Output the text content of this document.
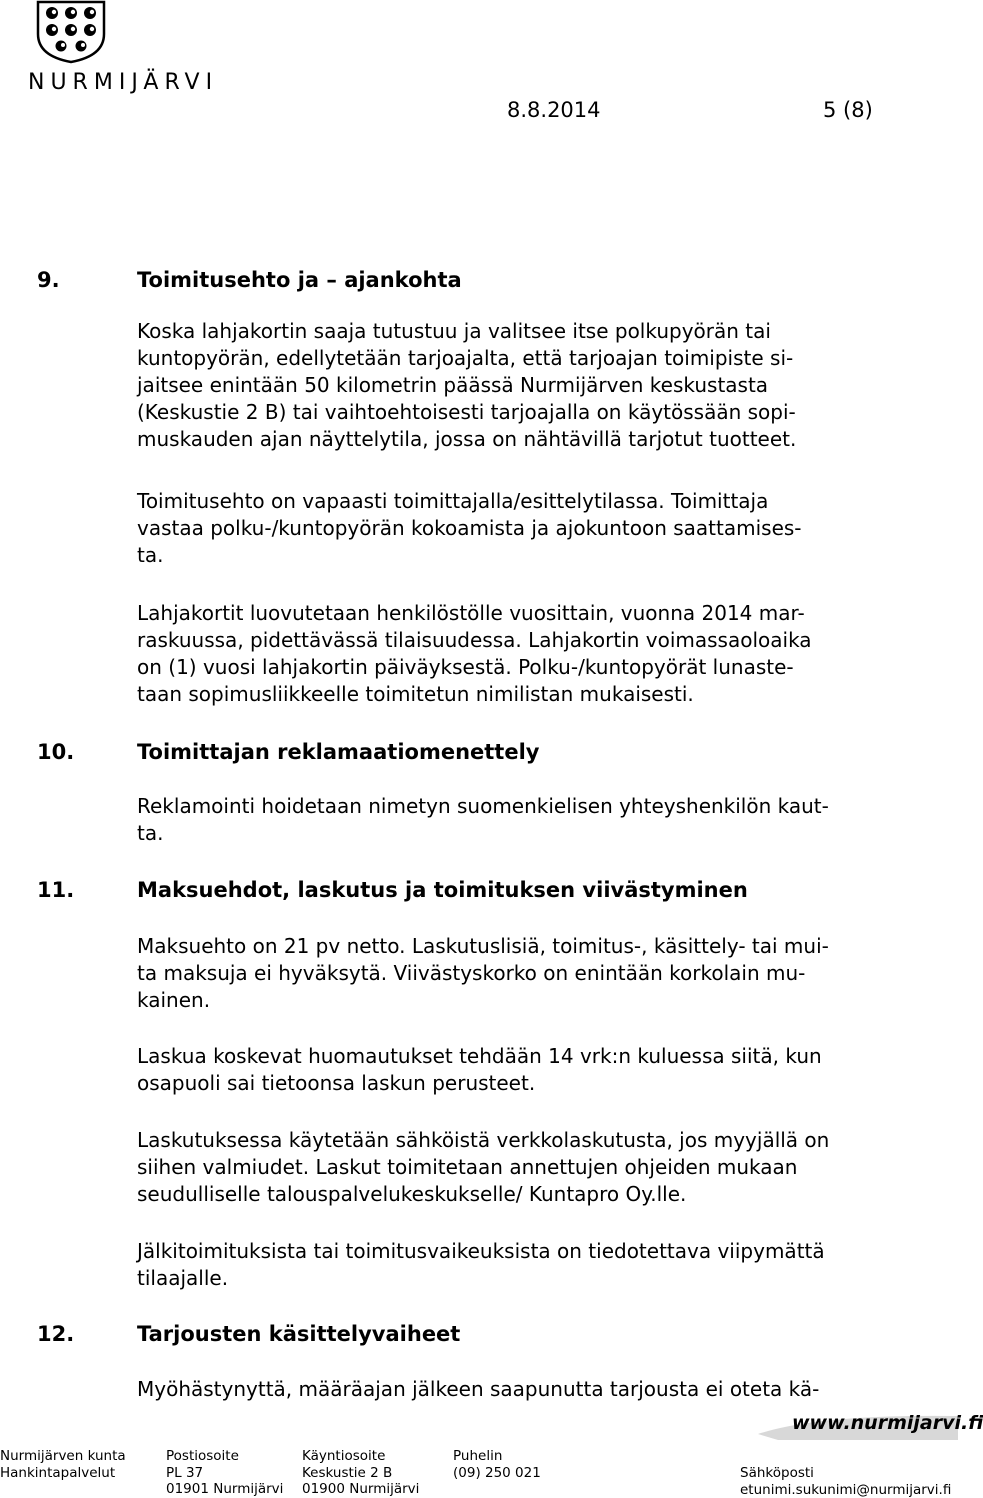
NURMIJÄRVI
8.8.2014	5 (8)
9.	Toimitusehto ja – ajankohta

Koska lahjakortin saaja tutustuu ja valitsee itse polkupyörän tai
kuntopyörän, edellytetään tarjoajalta, että tarjoajan toimipiste si-
jaitsee enintään 50 kilometrin päässä Nurmijärven keskustasta
(Keskustie 2 B) tai vaihtoehtoisesti tarjoajalla on käytössään sopi-
muskauden ajan näyttelytila, jossa on nähtävillä tarjotut tuotteet.

Toimitusehto on vapaasti toimittajalla/esittelytilassa. Toimittaja
vastaa polku-/kuntopyörän kokoamista ja ajokuntoon saattamises-
ta.

Lahjakortit luovutetaan henkilöstölle vuosittain, vuonna 2014 mar-
raskuussa, pidettävässä tilaisuudessa. Lahjakortin voimassaoloaika
on (1) vuosi lahjakortin päiväyksestä. Polku-/kuntopyörät lunaste-
taan sopimusliikkeelle toimitetun nimilistan mukaisesti.

10.	Toimittajan reklamaatiomenettely

Reklamointi hoidetaan nimetyn suomenkielisen yhteyshenkilön kaut-
ta.

11.	Maksuehdot, laskutus ja toimituksen viivästyminen

Maksuehto on 21 pv netto. Laskutuslisiä, toimitus-, käsittely- tai mui-
ta maksuja ei hyväksytä. Viivästyskorko on enintään korkolain mu-
kainen.

Laskua koskevat huomautukset tehdään 14 vrk:n kuluessa siitä, kun
osapuoli sai tietoonsa laskun perusteet.

Laskutuksessa käytetään sähköistä verkkolaskutusta, jos myyjällä on
siihen valmiudet. Laskut toimitetaan annettujen ohjeiden mukaan
seudulliselle talouspalvelukeskukselle/ Kuntapro Oy.lle.

Jälkitoimituksista tai toimitusvaikeuksista on tiedotettava viipymättä
tilaajalle.

12.	Tarjousten käsittelyvaiheet

Myöhästynyttä, määräajan jälkeen saapunutta tarjousta ei oteta kä-

www.nurmijarvi.fi
Nurmijärven kunta
Hankintapalvelut
Postiosoite
PL 37
01901 Nurmijärvi
Käyntiosoite
Keskustie 2 B
01900 Nurmijärvi
Puhelin
(09) 250 021	Sähköposti
etunimi.sukunimi@nurmijarvi.fi
